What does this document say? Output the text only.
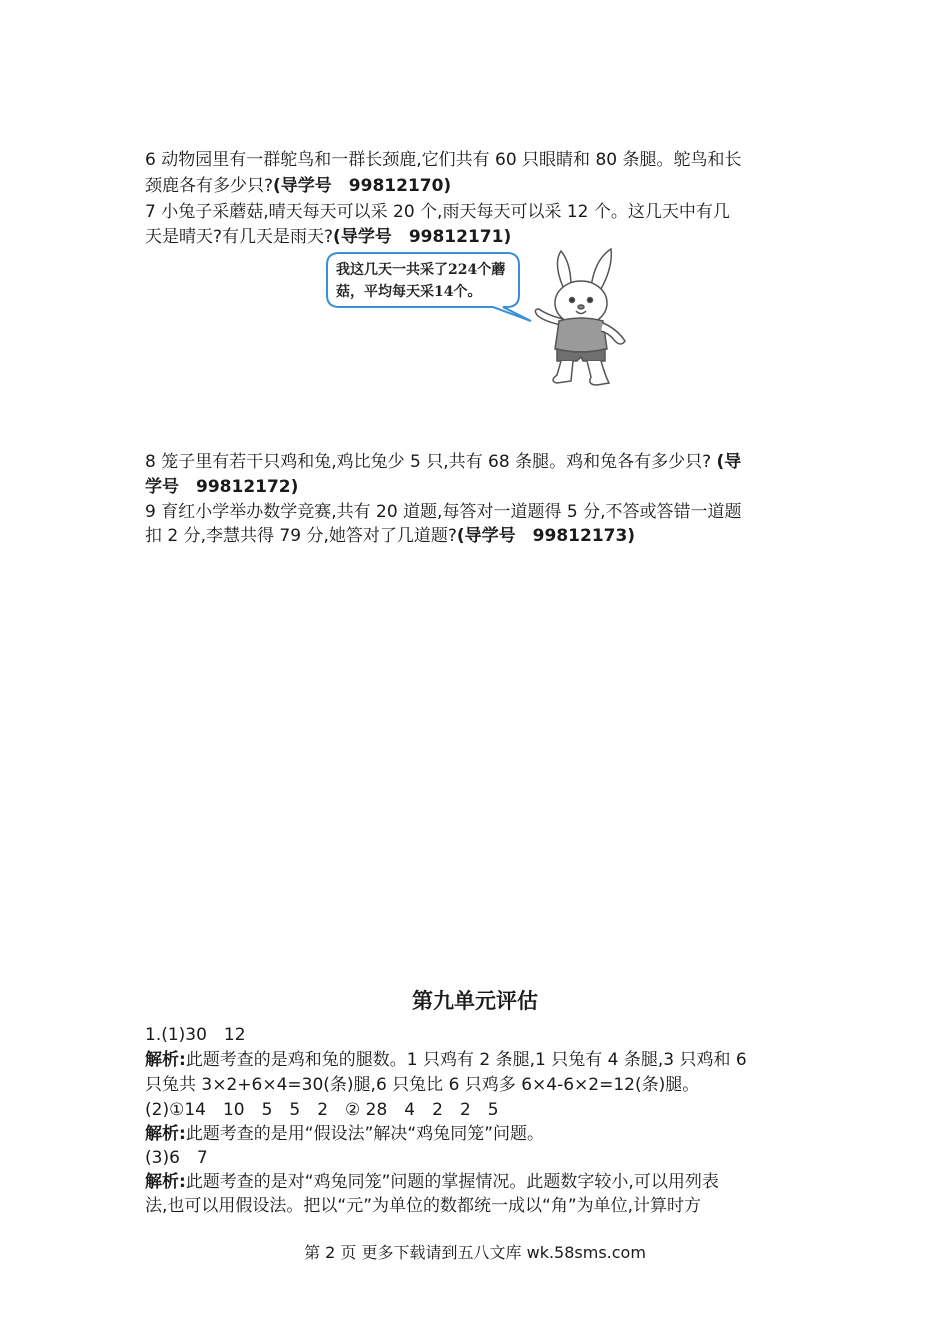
6 动物园里有一群鸵鸟和一群长颈鹿,它们共有 60 只眼睛和 80 条腿。鸵鸟和长
颈鹿各有多少只?(导学号　99812170)
7 小兔子采蘑菇,晴天每天可以采 20 个,雨天每天可以采 12 个。这几天中有几
天是晴天?有几天是雨天?(导学号　99812171)
我这几天一共采了224个蘑
菇，平均每天采14个。
8 笼子里有若干只鸡和兔,鸡比兔少 5 只,共有 68 条腿。鸡和兔各有多少只? (导
学号　99812172)
9 育红小学举办数学竞赛,共有 20 道题,每答对一道题得 5 分,不答或答错一道题
扣 2 分,李慧共得 79 分,她答对了几道题?(导学号　99812173)
第九单元评估
1.(1)30　12
解析:此题考查的是鸡和兔的腿数。1 只鸡有 2 条腿,1 只兔有 4 条腿,3 只鸡和 6
只兔共 3×2+6×4=30(条)腿,6 只兔比 6 只鸡多 6×4-6×2=12(条)腿。
(2)①14　10　5　5　2　② 28　4　2　2　5
解析:此题考查的是用“假设法”解决“鸡兔同笼”问题。
(3)6　7
解析:此题考查的是对“鸡兔同笼”问题的掌握情况。此题数字较小,可以用列表
法,也可以用假设法。把以“元”为单位的数都统一成以“角”为单位,计算时方
第 2 页 更多下载请到五八文库 wk.58sms.com
